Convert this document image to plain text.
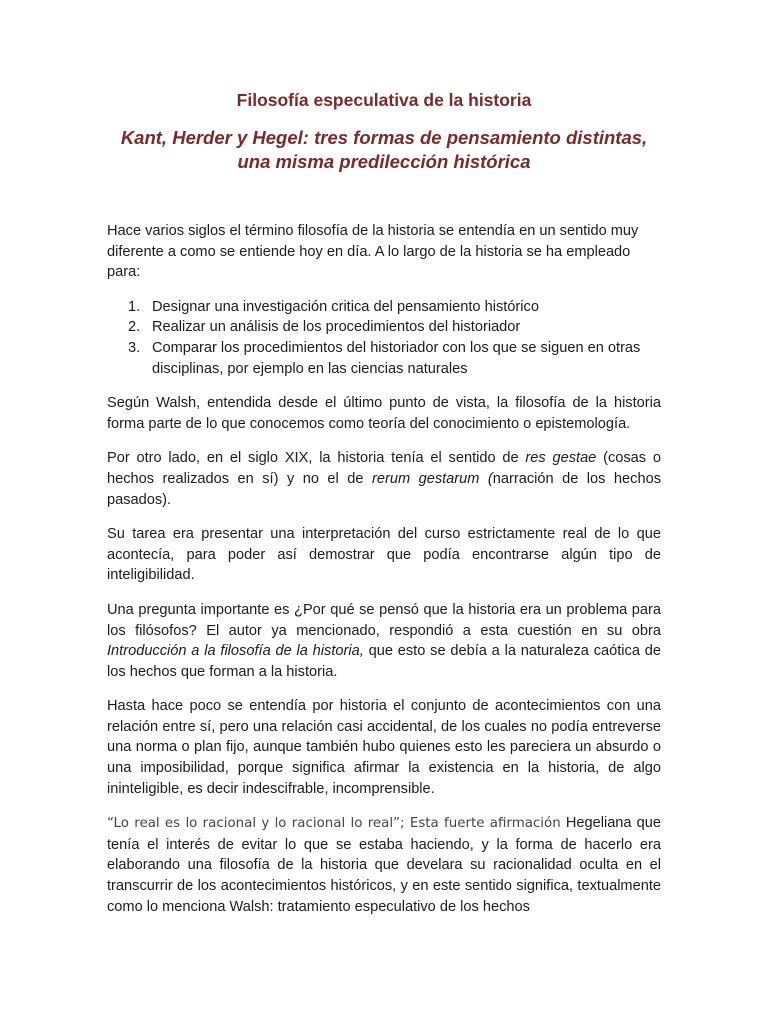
Filosofía especulativa de la historia
Kant, Herder y Hegel: tres formas de pensamiento distintas, una misma predilección histórica

Hace varios siglos el término filosofía de la historia se entendía en un sentido muy diferente a como se entiende hoy en día. A lo largo de la historia se ha empleado para:

1. Designar una investigación critica del pensamiento histórico
2. Realizar un análisis de los procedimientos del historiador
3. Comparar los procedimientos del historiador con los que se siguen en otras disciplinas, por ejemplo en las ciencias naturales

Según Walsh, entendida desde el último punto de vista, la filosofía de la historia forma parte de lo que conocemos como teoría del conocimiento o epistemología.

Por otro lado, en el siglo XIX, la historia tenía el sentido de res gestae (cosas o hechos realizados en sí) y no el de rerum gestarum (narración de los hechos pasados).

Su tarea era presentar una interpretación del curso estrictamente real de lo que acontecía, para poder así demostrar que podía encontrarse algún tipo de inteligibilidad.

Una pregunta importante es ¿Por qué se pensó que la historia era un problema para los filósofos? El autor ya mencionado, respondió a esta cuestión en su obra Introducción a la filosofía de la historia, que esto se debía a la naturaleza caótica de los hechos que forman a la historia.

Hasta hace poco se entendía por historia el conjunto de acontecimientos con una relación entre sí, pero una relación casi accidental, de los cuales no podía entreverse una norma o plan fijo, aunque también hubo quienes esto les pareciera un absurdo o una imposibilidad, porque significa afirmar la existencia en la historia, de algo ininteligible, es decir indescifrable, incomprensible.

“Lo real es lo racional y lo racional lo real”; Esta fuerte afirmación Hegeliana que tenía el interés de evitar lo que se estaba haciendo, y la forma de hacerlo era elaborando una filosofía de la historia que develara su racionalidad oculta en el transcurrir de los acontecimientos históricos, y en este sentido significa, textualmente como lo menciona Walsh: tratamiento especulativo de los hechos
